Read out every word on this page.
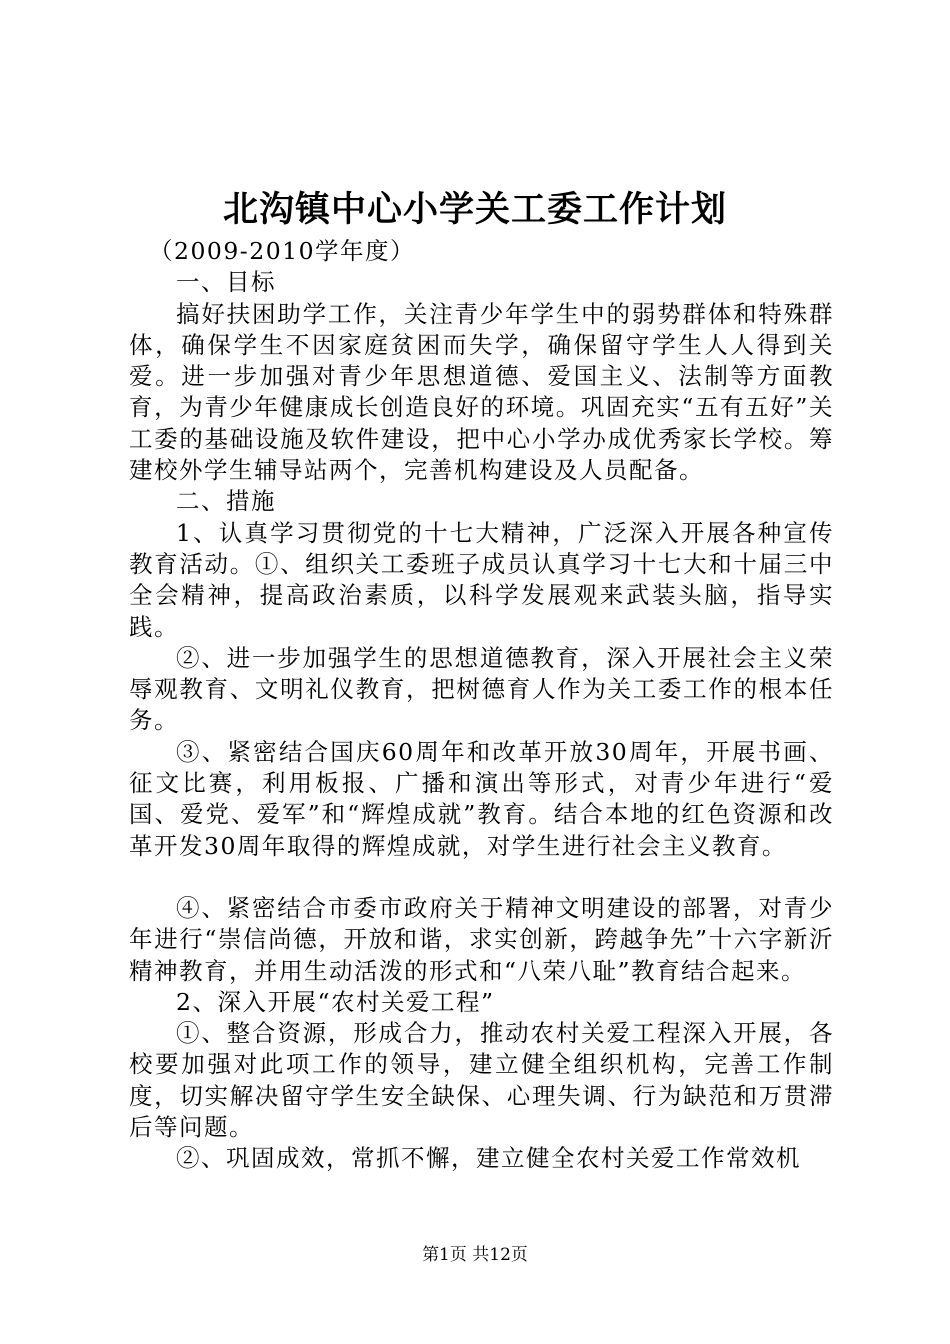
北沟镇中心小学关工委工作计划

（2009-2010学年度）

一、目标

搞好扶困助学工作，关注青少年学生中的弱势群体和特殊群体，确保学生不因家庭贫困而失学，确保留守学生人人得到关爱。进一步加强对青少年思想道德、爱国主义、法制等方面教育，为青少年健康成长创造良好的环境。巩固充实“五有五好”关工委的基础设施及软件建设，把中心小学办成优秀家长学校。筹建校外学生辅导站两个，完善机构建设及人员配备。

二、措施

1、认真学习贯彻党的十七大精神，广泛深入开展各种宣传教育活动。①、组织关工委班子成员认真学习十七大和十届三中全会精神，提高政治素质，以科学发展观来武装头脑，指导实践。

②、进一步加强学生的思想道德教育，深入开展社会主义荣辱观教育、文明礼仪教育，把树德育人作为关工委工作的根本任务。

③、紧密结合国庆60周年和改革开放30周年，开展书画、征文比赛，利用板报、广播和演出等形式，对青少年进行“爱国、爱党、爱军”和“辉煌成就”教育。结合本地的红色资源和改革开发30周年取得的辉煌成就，对学生进行社会主义教育。

④、紧密结合市委市政府关于精神文明建设的部署，对青少年进行“崇信尚德，开放和谐，求实创新，跨越争先”十六字新沂精神教育，并用生动活泼的形式和“八荣八耻”教育结合起来。

2、深入开展“农村关爱工程”

①、整合资源，形成合力，推动农村关爱工程深入开展，各校要加强对此项工作的领导，建立健全组织机构，完善工作制度，切实解决留守学生安全缺保、心理失调、行为缺范和万贯滞后等问题。

②、巩固成效，常抓不懈，建立健全农村关爱工作常效机

第1页 共12页
